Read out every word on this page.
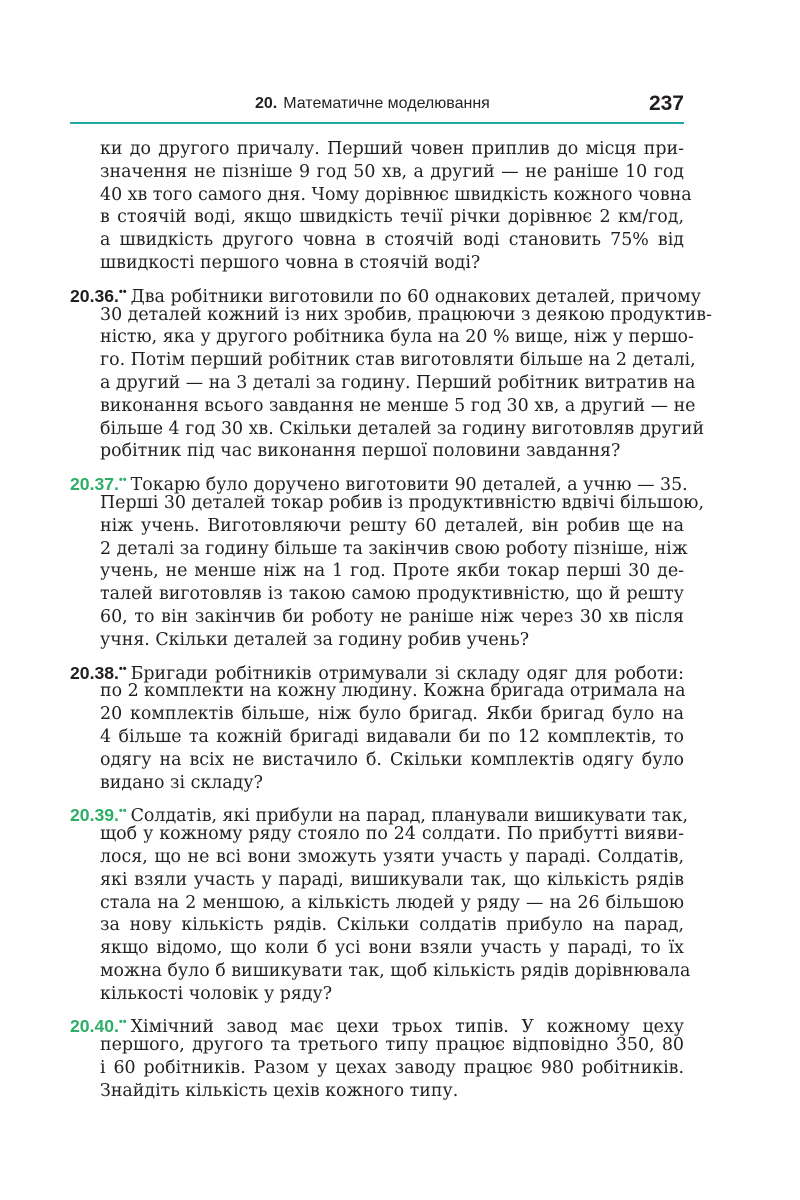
20. Математичне моделювання	237
ки до другого причалу. Перший човен приплив до місця при-
значення не пізніше 9 год 50 хв, а другий — не раніше 10 год
40 хв того самого дня. Чому дорівнює швидкість кожного човна
в стоячій воді, якщо швидкість течії річки дорівнює 2 км/год,
а швидкість другого човна в стоячій воді становить 75% від
швидкості першого човна в стоячій воді?
20.36.•• Два робітники виготовили по 60 однакових деталей, причому
30 деталей кожний із них зробив, працюючи з деякою продуктив-
ністю, яка у другого робітника була на 20 % вище, ніж у першо-
го. Потім перший робітник став виготовляти більше на 2 деталі,
а другий — на 3 деталі за годину. Перший робітник витратив на
виконання всього завдання не менше 5 год 30 хв, а другий — не
більше 4 год 30 хв. Скільки деталей за годину виготовляв другий
робітник під час виконання першої половини завдання?
20.37.•• Токарю було доручено виготовити 90 деталей, а учню — 35.
Перші 30 деталей токар робив із продуктивністю вдвічі більшою,
ніж учень. Виготовляючи решту 60 деталей, він робив ще на
2 деталі за годину більше та закінчив свою роботу пізніше, ніж
учень, не менше ніж на 1 год. Проте якби токар перші 30 де-
талей виготовляв із такою самою продуктивністю, що й решту
60, то він закінчив би роботу не раніше ніж через 30 хв після
учня. Скільки деталей за годину робив учень?
20.38.•• Бригади робітників отримували зі складу одяг для роботи:
по 2 комплекти на кожну людину. Кожна бригада отримала на
20 комплектів більше, ніж було бригад. Якби бригад було на
4 більше та кожній бригаді видавали би по 12 комплектів, то
одягу на всіх не вистачило б. Скільки комплектів одягу було
видано зі складу?
20.39.•• Солдатів, які прибули на парад, планували вишикувати так,
щоб у кожному ряду стояло по 24 солдати. По прибутті вияви-
лося, що не всі вони зможуть узяти участь у параді. Солдатів,
які взяли участь у параді, вишикували так, що кількість рядів
стала на 2 меншою, а кількість людей у ряду — на 26 більшою
за нову кількість рядів. Скільки солдатів прибуло на парад,
якщо відомо, що коли б усі вони взяли участь у параді, то їх
можна було б вишикувати так, щоб кількість рядів дорівнювала
кількості чоловік у ряду?
20.40.•• Хімічний завод має цехи трьох типів. У кожному цеху
першого, другого та третього типу працює відповідно 350, 80
і 60 робітників. Разом у цехах заводу працює 980 робітників.
Знайдіть кількість цехів кожного типу.
